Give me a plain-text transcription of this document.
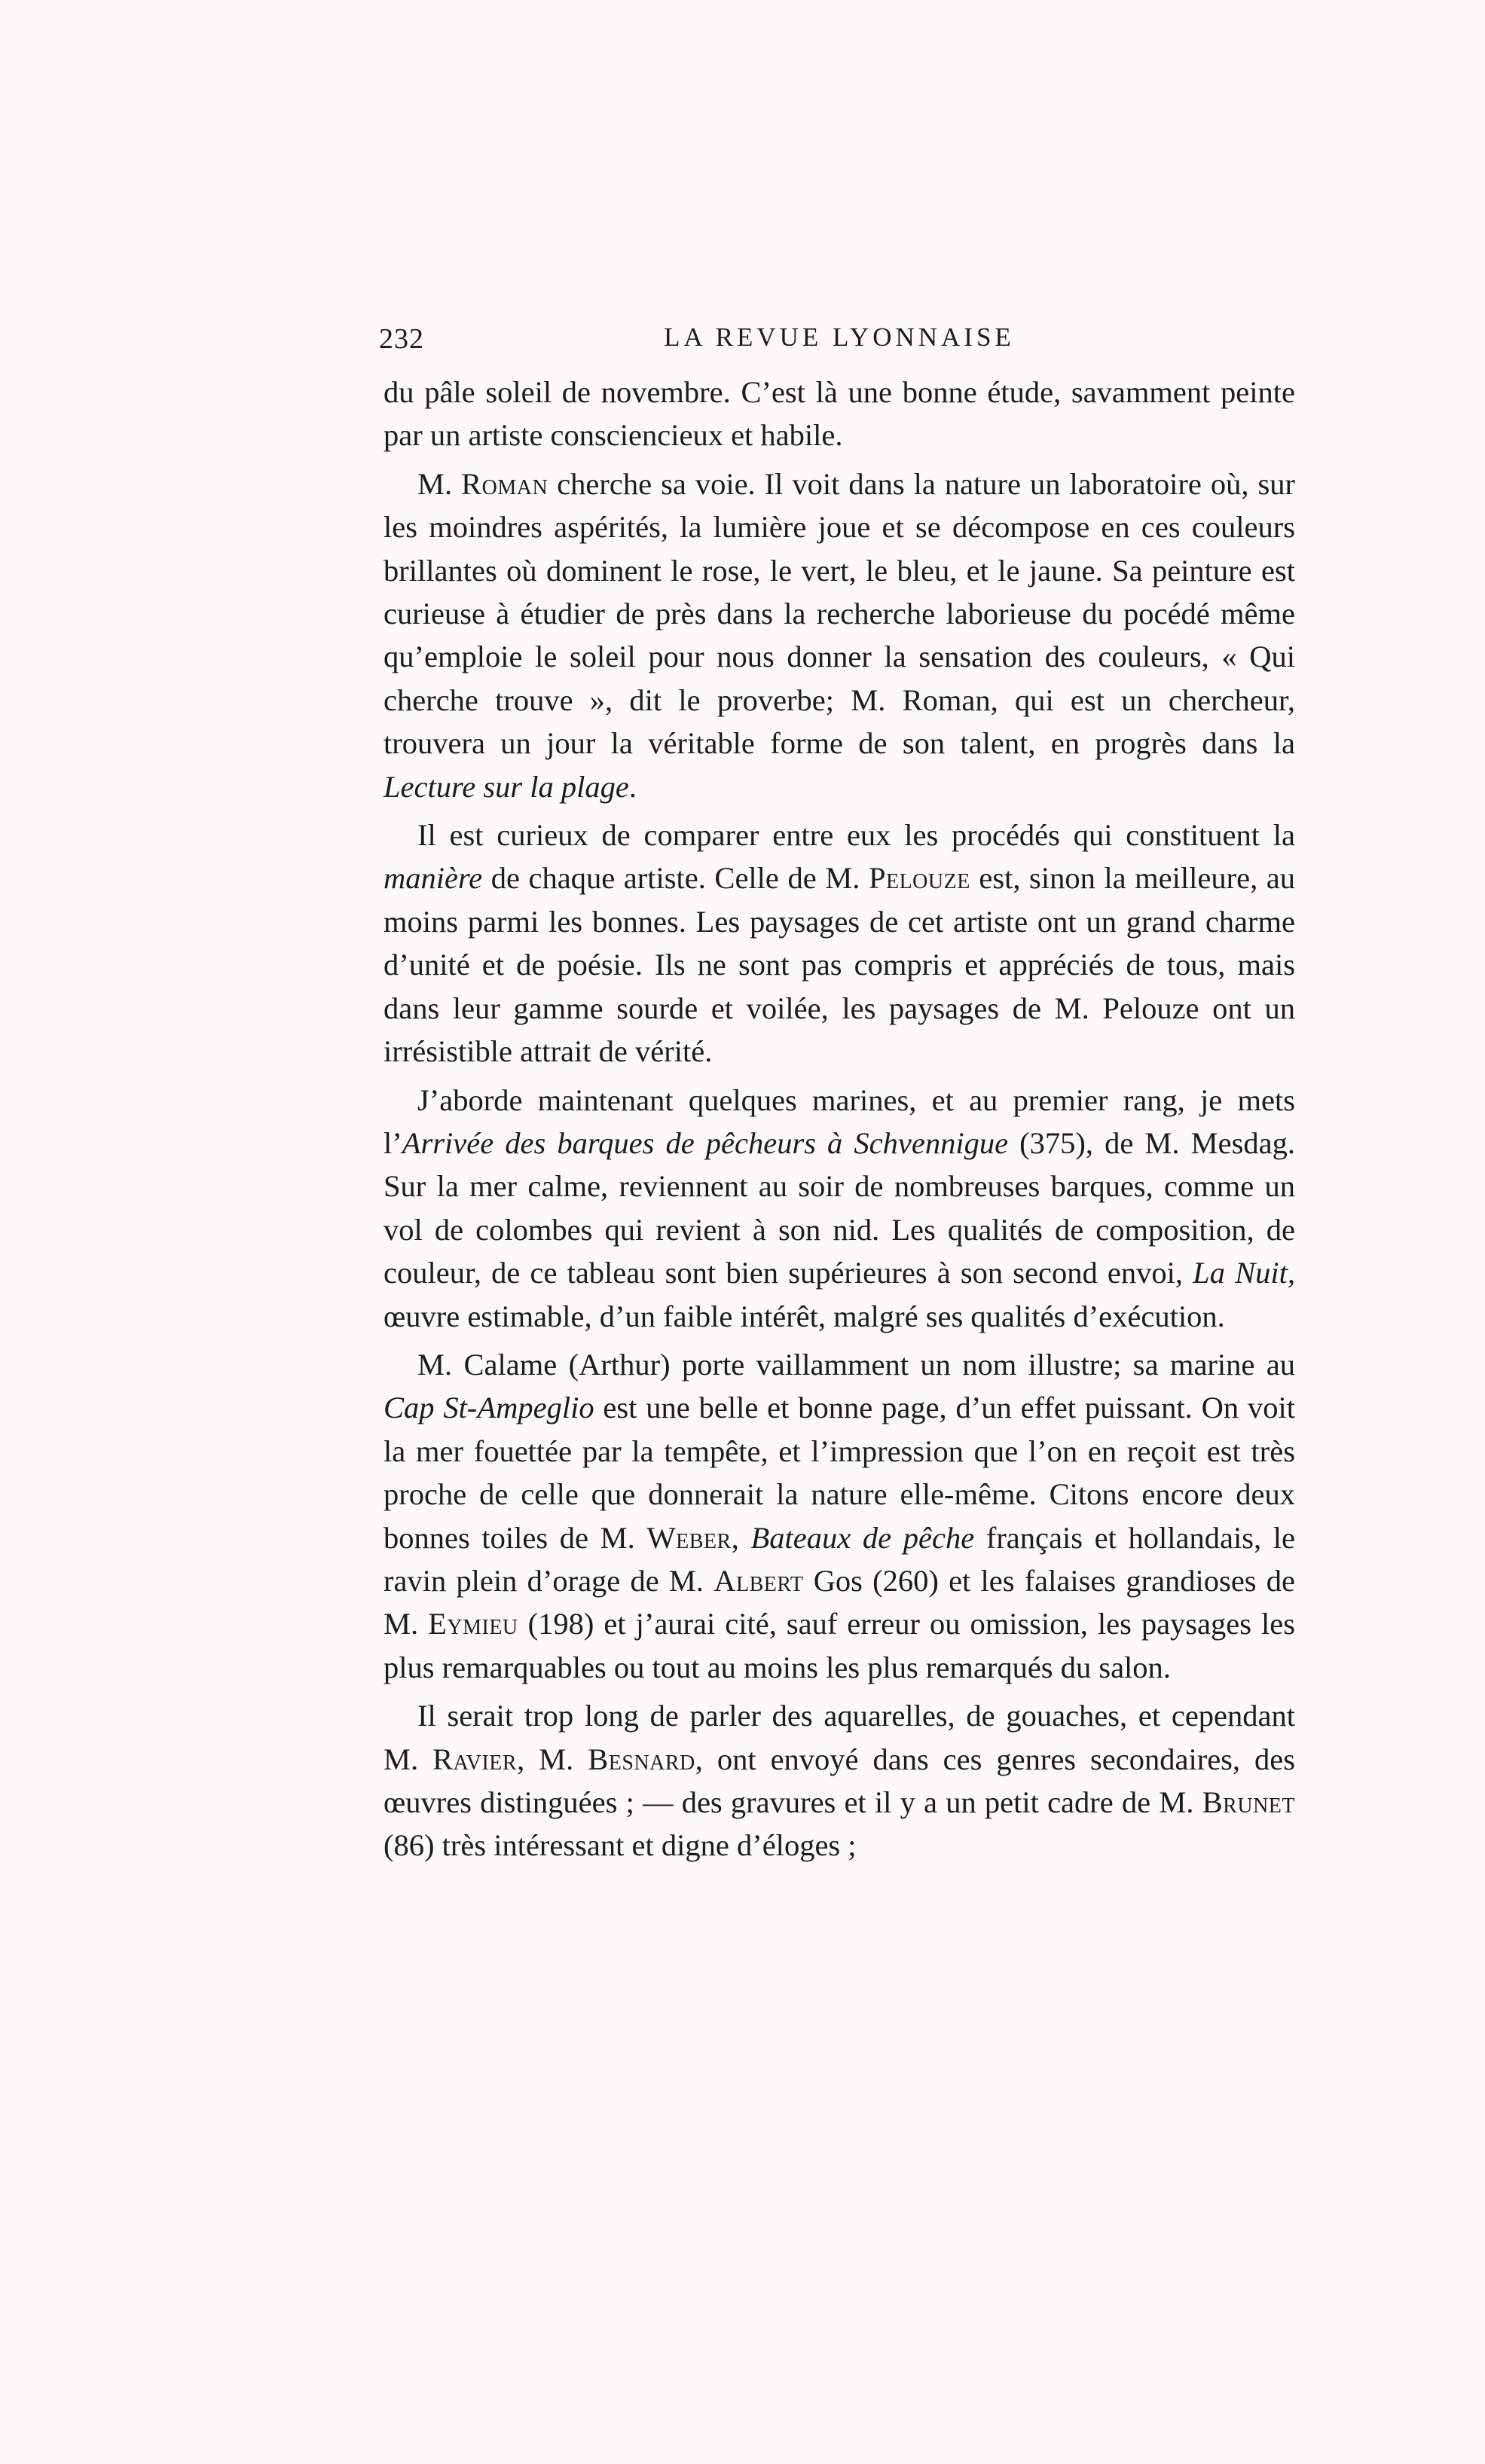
232	LA REVUE LYONNAISE

du pâle soleil de novembre. C’est là une bonne étude, savamment peinte par un artiste consciencieux et habile.

M. Roman cherche sa voie. Il voit dans la nature un laboratoire où, sur les moindres aspérités, la lumière joue et se décompose en ces couleurs brillantes où dominent le rose, le vert, le bleu, et le jaune. Sa peinture est curieuse à étudier de près dans la recherche laborieuse du pocédé même qu’emploie le soleil pour nous donner la sensation des couleurs, « Qui cherche trouve », dit le proverbe; M. Roman, qui est un chercheur, trouvera un jour la véritable forme de son talent, en progrès dans la Lecture sur la plage.

Il est curieux de comparer entre eux les procédés qui constituent la manière de chaque artiste. Celle de M. Pelouze est, sinon la meilleure, au moins parmi les bonnes. Les paysages de cet artiste ont un grand charme d’unité et de poésie. Ils ne sont pas compris et appréciés de tous, mais dans leur gamme sourde et voilée, les paysages de M. Pelouze ont un irrésistible attrait de vérité.

J’aborde maintenant quelques marines, et au premier rang, je mets l’Arrivée des barques de pêcheurs à Schvennigue (375), de M. Mesdag. Sur la mer calme, reviennent au soir de nombreuses barques, comme un vol de colombes qui revient à son nid. Les qualités de composition, de couleur, de ce tableau sont bien supérieures à son second envoi, La Nuit, œuvre estimable, d’un faible intérêt, malgré ses qualités d’exécution.

M. Calame (Arthur) porte vaillamment un nom illustre; sa marine au Cap St-Ampeglio est une belle et bonne page, d’un effet puissant. On voit la mer fouettée par la tempête, et l’impression que l’on en reçoit est très proche de celle que donnerait la nature elle-même. Citons encore deux bonnes toiles de M. Weber, Bateaux de pêche français et hollandais, le ravin plein d’orage de M. Albert Gos (260) et les falaises grandioses de M. Eymieu (198) et j’aurai cité, sauf erreur ou omission, les paysages les plus remarquables ou tout au moins les plus remarqués du salon.

Il serait trop long de parler des aquarelles, de gouaches, et cependant M. Ravier, M. Besnard, ont envoyé dans ces genres secondaires, des œuvres distinguées ; — des gravures et il y a un petit cadre de M. Brunet (86) très intéressant et digne d’éloges ;
